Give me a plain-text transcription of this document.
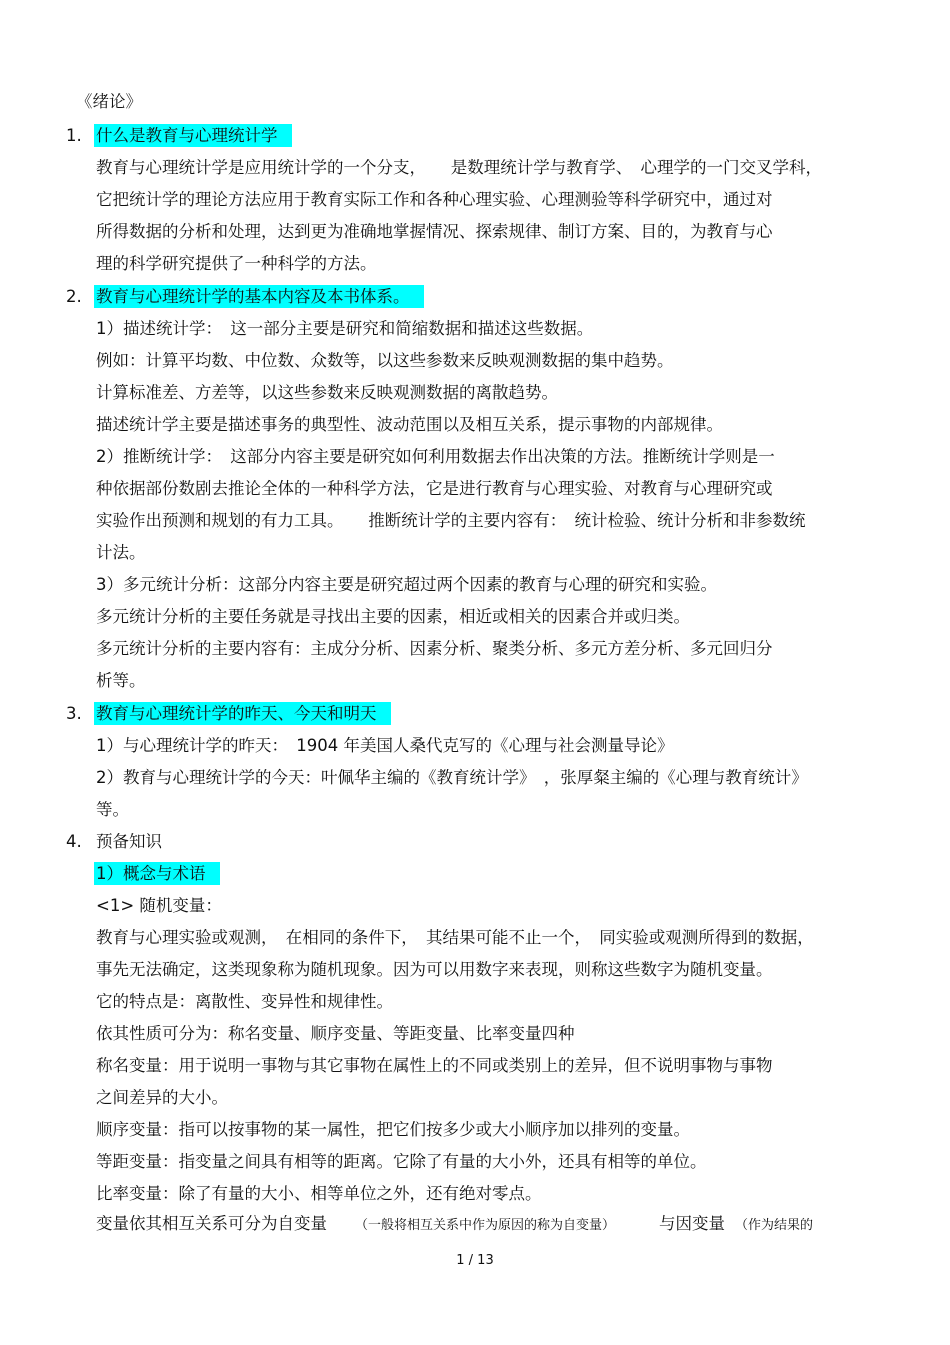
《绪论》
1. 什么是教育与心理统计学
教育与心理统计学是应用统计学的一个分支，　　是数理统计学与教育学、　心理学的一门交叉学科，
它把统计学的理论方法应用于教育实际工作和各种心理实验、心理测验等科学研究中，通过对
所得数据的分析和处理，达到更为准确地掌握情况、探索规律、制订方案、目的，为教育与心
理的科学研究提供了一种科学的方法。
2. 教育与心理统计学的基本内容及本书体系。
1）描述统计学：　这一部分主要是研究和简缩数据和描述这些数据。
例如：计算平均数、中位数、众数等，以这些参数来反映观测数据的集中趋势。
计算标准差、方差等，以这些参数来反映观测数据的离散趋势。
描述统计学主要是描述事务的典型性、波动范围以及相互关系，提示事物的内部规律。
2）推断统计学：　这部分内容主要是研究如何利用数据去作出决策的方法。推断统计学则是一
种依据部份数剧去推论全体的一种科学方法，它是进行教育与心理实验、对教育与心理研究或
实验作出预测和规划的有力工具。　　推断统计学的主要内容有：　统计检验、统计分析和非参数统
计法。
3）多元统计分析：这部分内容主要是研究超过两个因素的教育与心理的研究和实验。
多元统计分析的主要任务就是寻找出主要的因素，相近或相关的因素合并或归类。
多元统计分析的主要内容有：主成分分析、因素分析、聚类分析、多元方差分析、多元回归分
析等。
3. 教育与心理统计学的昨天、今天和明天
1）与心理统计学的昨天：　1904 年美国人桑代克写的《心理与社会测量导论》
2）教育与心理统计学的今天：叶佩华主编的《教育统计学》　，张厚粲主编的《心理与教育统计》
等。
4. 预备知识
1）概念与术语
<1> 随机变量：
教育与心理实验或观测，　在相同的条件下，　其结果可能不止一个，　同实验或观测所得到的数据，
事先无法确定，这类现象称为随机现象。因为可以用数字来表现，则称这些数字为随机变量。
它的特点是：离散性、变异性和规律性。
依其性质可分为：称名变量、顺序变量、等距变量、比率变量四种
称名变量：用于说明一事物与其它事物在属性上的不同或类别上的差异，但不说明事物与事物
之间差异的大小。
顺序变量：指可以按事物的某一属性，把它们按多少或大小顺序加以排列的变量。
等距变量：指变量之间具有相等的距离。它除了有量的大小外，还具有相等的单位。
比率变量：除了有量的大小、相等单位之外，还有绝对零点。
变量依其相互关系可分为自变量 （一般将相互关系中作为原因的称为自变量）	与因变量 （作为结果的
1 / 13
